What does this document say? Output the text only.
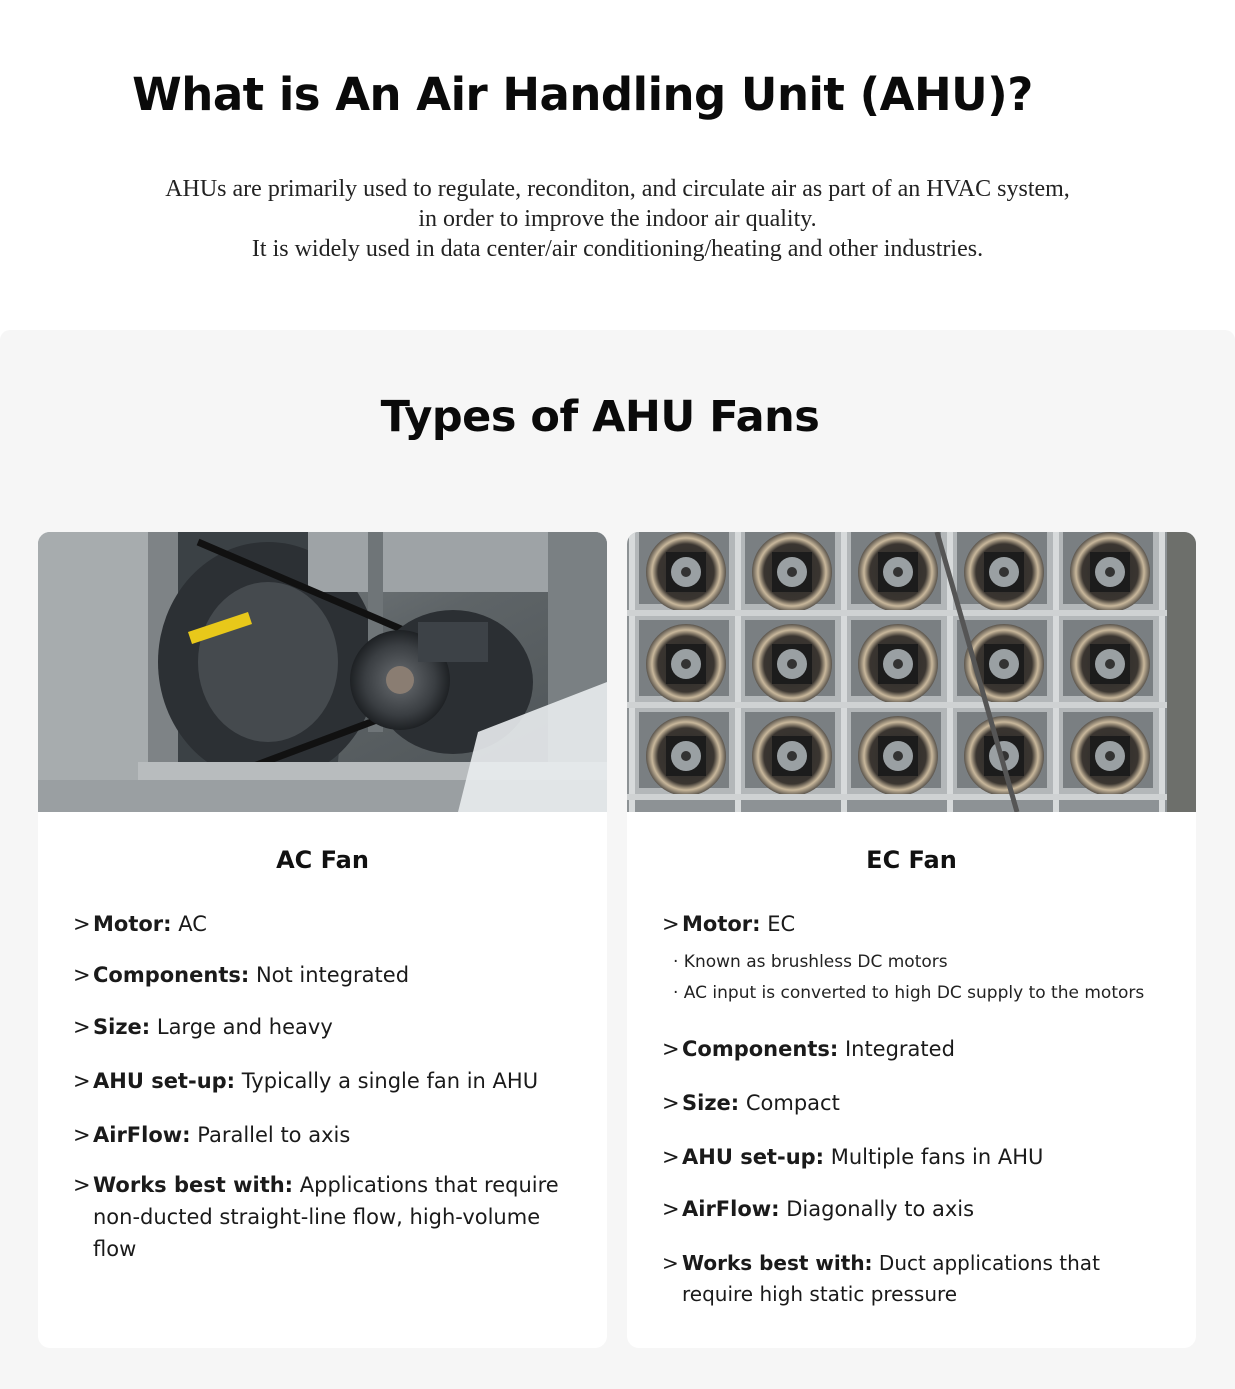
What is An Air Handling Unit (AHU)?
AHUs are primarily used to regulate, reconditon, and circulate air as part of an HVAC system,
in order to improve the indoor air quality.
It is widely used in data center/air conditioning/heating and other industries.
Types of AHU Fans
AC Fan
> Motor: AC
> Components: Not integrated
> Size: Large and heavy
> AHU set-up: Typically a single fan in AHU
> AirFlow: Parallel to axis
> Works best with: Applications that require non-ducted straight-line flow, high-volume flow
EC Fan
> Motor: EC
· Known as brushless DC motors
· AC input is converted to high DC supply to the motors
> Components: Integrated
> Size: Compact
> AHU set-up: Multiple fans in AHU
> AirFlow: Diagonally to axis
> Works best with: Duct applications that require high static pressure
